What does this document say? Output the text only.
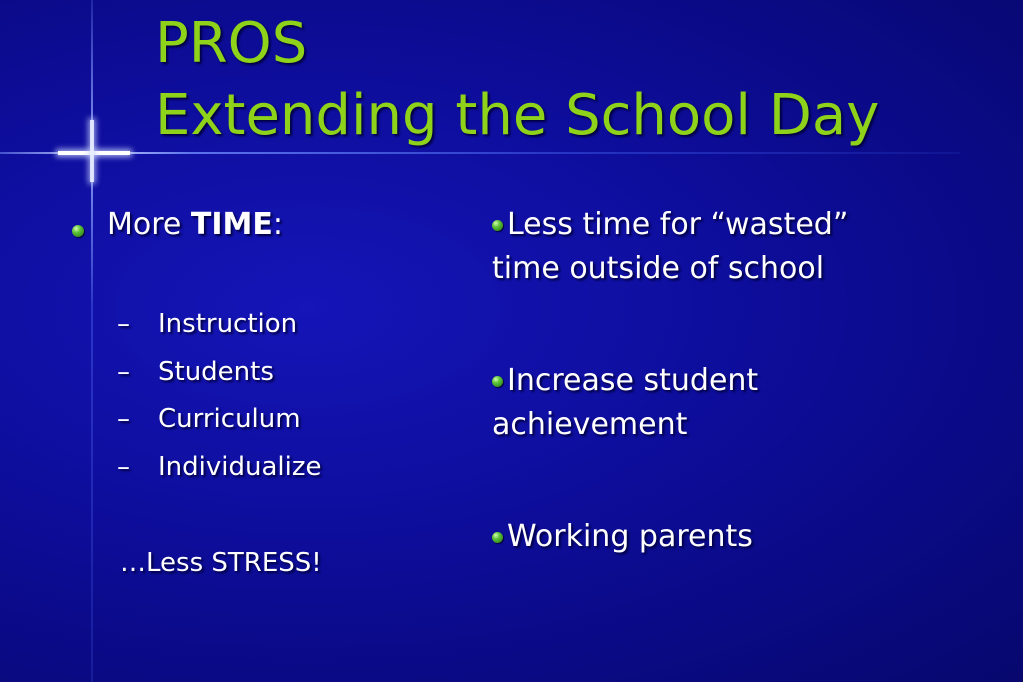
PROS
Extending the School Day
More TIME:
– Instruction
– Students
– Curriculum
– Individualize
…Less STRESS!
Less time for “wasted” time outside of school
Increase student achievement
Working parents
